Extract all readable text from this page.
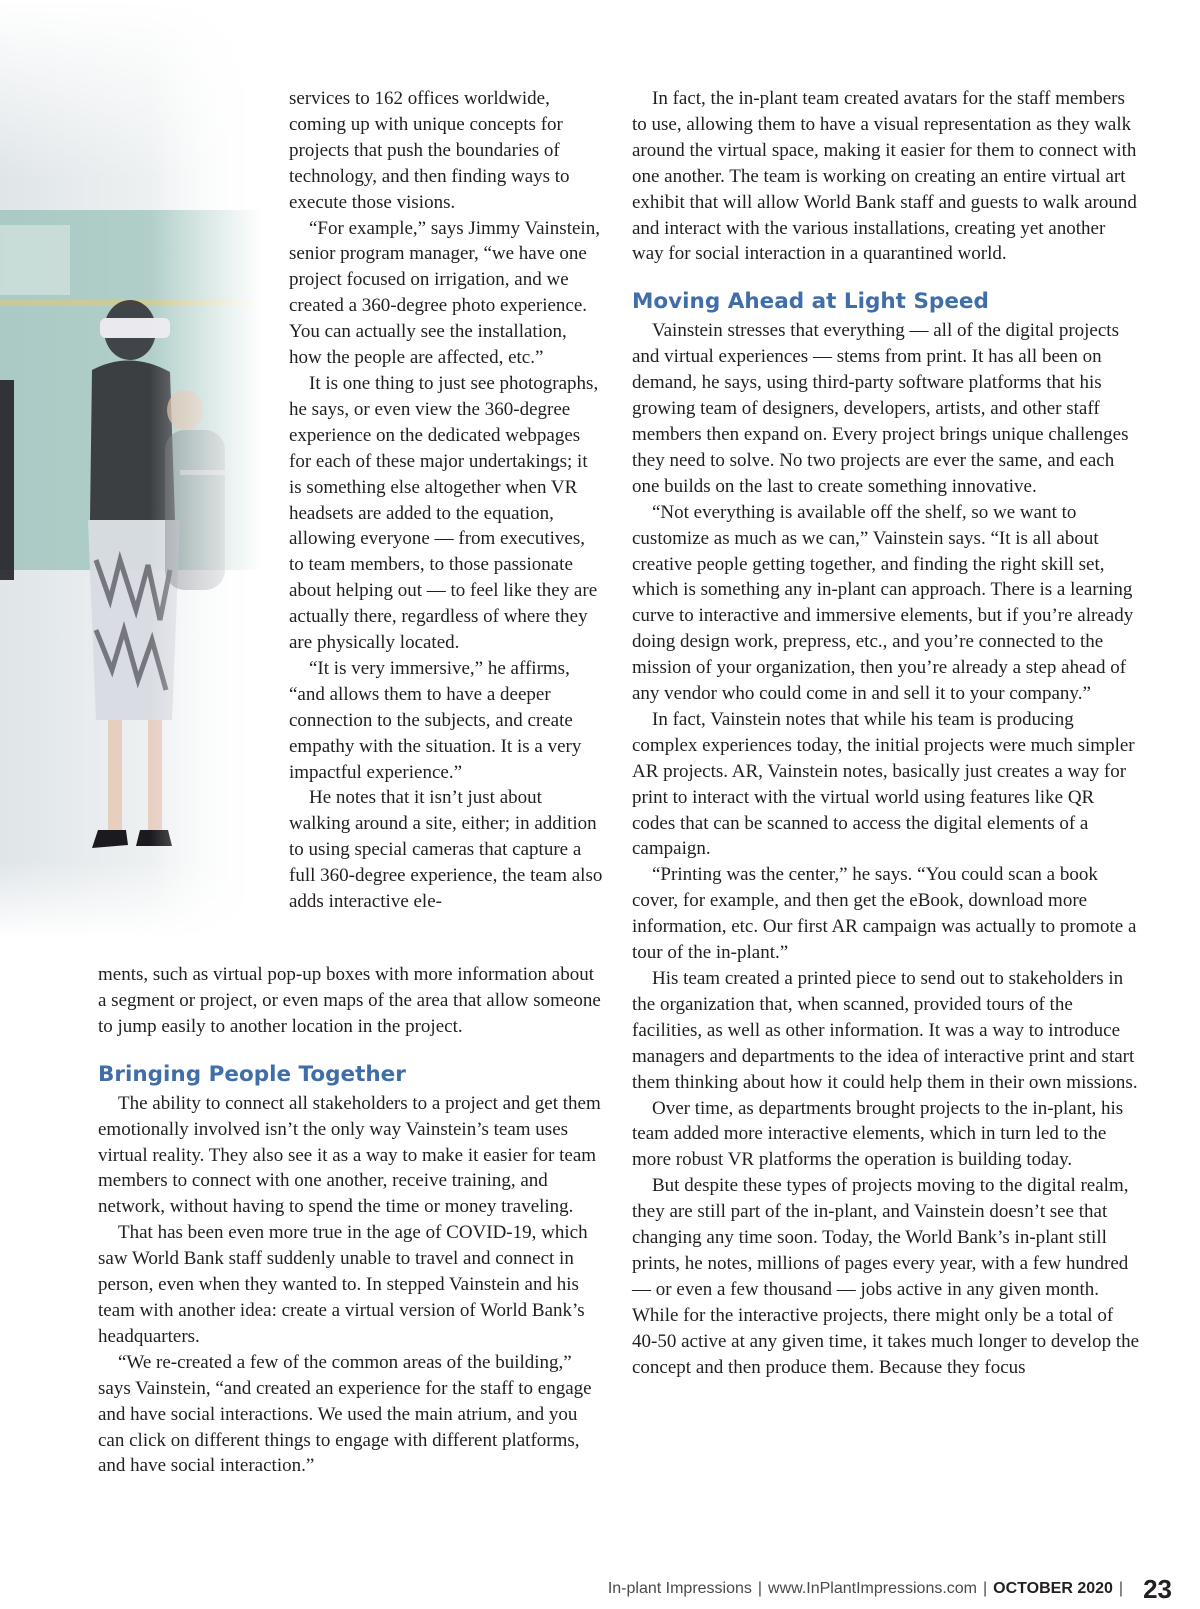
services to 162 offices worldwide, coming up with unique concepts for projects that push the boundaries of technology, and then finding ways to execute those visions.

“For example,” says Jimmy Vainstein, senior program manager, “we have one project focused on irrigation, and we created a 360-degree photo experience. You can actually see the installation, how the people are affected, etc.”

It is one thing to just see photographs, he says, or even view the 360-degree experience on the dedicated webpages for each of these major undertakings; it is something else altogether when VR headsets are added to the equation, allowing everyone — from executives, to team members, to those passionate about helping out — to feel like they are actually there, regardless of where they are physically located.

“It is very immersive,” he affirms, “and allows them to have a deeper connection to the subjects, and create empathy with the situation. It is a very impactful experience.”

He notes that it isn’t just about walking around a site, either; in addition to using special cameras that capture a full 360-degree experience, the team also adds interactive ele-

ments, such as virtual pop-up boxes with more information about a segment or project, or even maps of the area that allow someone to jump easily to another location in the project.

Bringing People Together

The ability to connect all stakeholders to a project and get them emotionally involved isn’t the only way Vainstein’s team uses virtual reality. They also see it as a way to make it easier for team members to connect with one another, receive training, and network, without having to spend the time or money traveling.

That has been even more true in the age of COVID-19, which saw World Bank staff suddenly unable to travel and connect in person, even when they wanted to. In stepped Vainstein and his team with another idea: create a virtual version of World Bank’s headquarters.

“We re-created a few of the common areas of the building,” says Vainstein, “and created an experience for the staff to engage and have social interactions. We used the main atrium, and you can click on different things to engage with different platforms, and have social interaction.”

In fact, the in-plant team created avatars for the staff members to use, allowing them to have a visual representation as they walk around the virtual space, making it easier for them to connect with one another. The team is working on creating an entire virtual art exhibit that will allow World Bank staff and guests to walk around and interact with the various installations, creating yet another way for social interaction in a quarantined world.

Moving Ahead at Light Speed

Vainstein stresses that everything — all of the digital projects and virtual experiences — stems from print. It has all been on demand, he says, using third-party software platforms that his growing team of designers, developers, artists, and other staff members then expand on. Every project brings unique challenges they need to solve. No two projects are ever the same, and each one builds on the last to create something innovative.

“Not everything is available off the shelf, so we want to customize as much as we can,” Vainstein says. “It is all about creative people getting together, and finding the right skill set, which is something any in-plant can approach. There is a learning curve to interactive and immersive elements, but if you’re already doing design work, prepress, etc., and you’re connected to the mission of your organization, then you’re already a step ahead of any vendor who could come in and sell it to your company.”

In fact, Vainstein notes that while his team is producing complex experiences today, the initial projects were much simpler AR projects. AR, Vainstein notes, basically just creates a way for print to interact with the virtual world using features like QR codes that can be scanned to access the digital elements of a campaign.

“Printing was the center,” he says. “You could scan a book cover, for example, and then get the eBook, download more information, etc. Our first AR campaign was actually to promote a tour of the in-plant.”

His team created a printed piece to send out to stakeholders in the organization that, when scanned, provided tours of the facilities, as well as other information. It was a way to introduce managers and departments to the idea of interactive print and start them thinking about how it could help them in their own missions.

Over time, as departments brought projects to the in-plant, his team added more interactive elements, which in turn led to the more robust VR platforms the operation is building today.

But despite these types of projects moving to the digital realm, they are still part of the in-plant, and Vainstein doesn’t see that changing any time soon. Today, the World Bank’s in-plant still prints, he notes, millions of pages every year, with a few hundred — or even a few thousand — jobs active in any given month. While for the interactive projects, there might only be a total of 40-50 active at any given time, it takes much longer to develop the concept and then produce them. Because they focus

In-plant Impressions | www.InPlantImpressions.com | OCTOBER 2020 | 23
